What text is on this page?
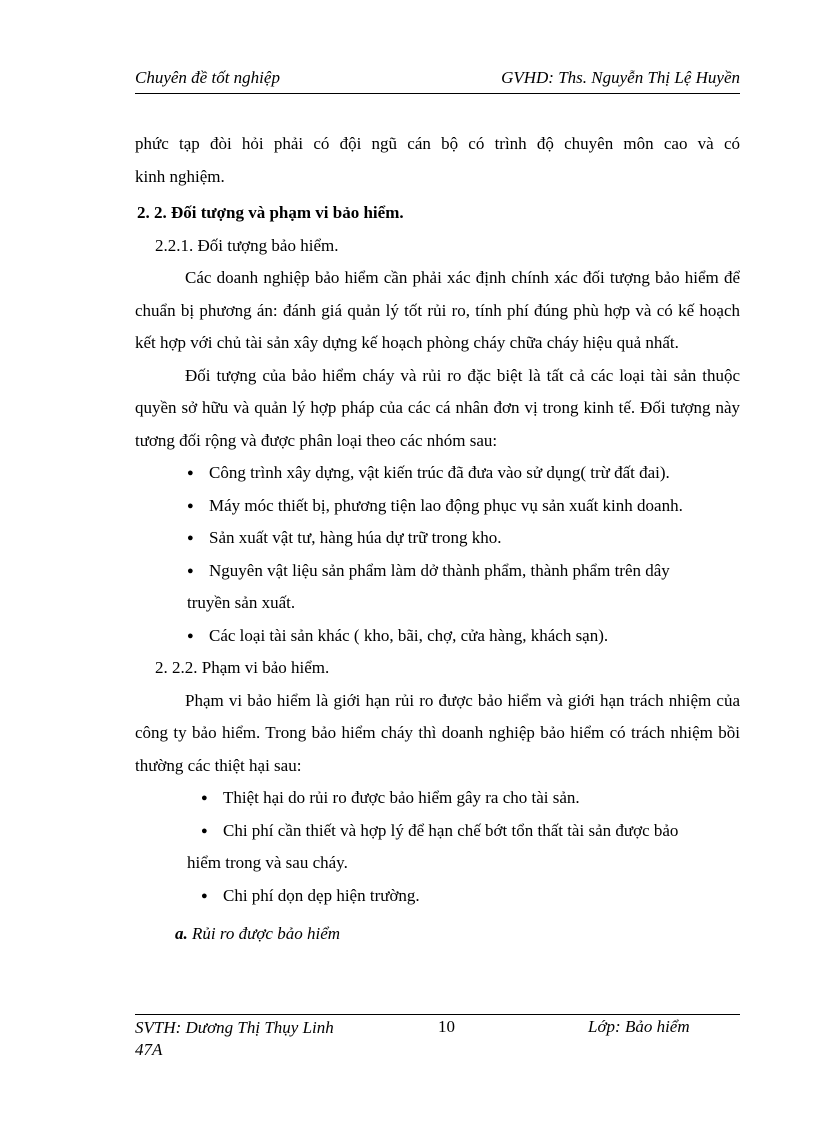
Chuyên đề tốt nghiệp	GVHD: Ths. Nguyễn Thị Lệ Huyền

phức tạp đòi hỏi phải có đội ngũ cán bộ có trình độ chuyên môn cao và có

kinh nghiệm.

2. 2. Đối tượng và phạm vi bảo hiểm.

2.2.1. Đối tượng bảo hiểm.

Các doanh nghiệp bảo hiểm cần phải xác định chính xác đối tượng bảo hiểm để chuẩn bị phương án: đánh giá quản lý tốt rủi ro, tính phí đúng phù hợp và có kế hoạch kết hợp với chủ tài sản xây dựng kế hoạch phòng cháy chữa cháy hiệu quả nhất.

Đối tượng của bảo hiểm cháy và rủi ro đặc biệt là tất cả các loại tài sản thuộc quyền sở hữu và quản lý hợp pháp của các cá nhân đơn vị trong kinh tế. Đối tượng này tương đối rộng và được phân loại theo các nhóm sau:

● Công trình xây dựng, vật kiến trúc đã đưa vào sử dụng( trừ đất đai).

● Máy móc thiết bị, phương tiện lao động phục vụ sản xuất kinh doanh.

● Sản xuất vật tư, hàng húa dự trữ trong kho.

● Nguyên vật liệu sản phẩm làm dở thành phẩm, thành phẩm trên dây

truyền sản xuất.

● Các loại tài sản khác ( kho, bãi, chợ, cửa hàng, khách sạn).

2. 2.2. Phạm vi bảo hiểm.

Phạm vi bảo hiểm là giới hạn rủi ro được bảo hiểm và giới hạn trách nhiệm của công ty bảo hiểm. Trong bảo hiểm cháy thì doanh nghiệp bảo hiểm có trách nhiệm bồi thường các thiệt hại sau:

● Thiệt hại do rủi ro được bảo hiểm gây ra cho tài sản.

● Chi phí cần thiết và hợp lý để hạn chế bớt tổn thất tài sản được bảo

hiểm trong và sau cháy.

● Chi phí dọn dẹp hiện trường.

a. Rủi ro được bảo hiểm

SVTH: Dương Thị Thụy Linh
47A
10	Lớp: Bảo hiểm
